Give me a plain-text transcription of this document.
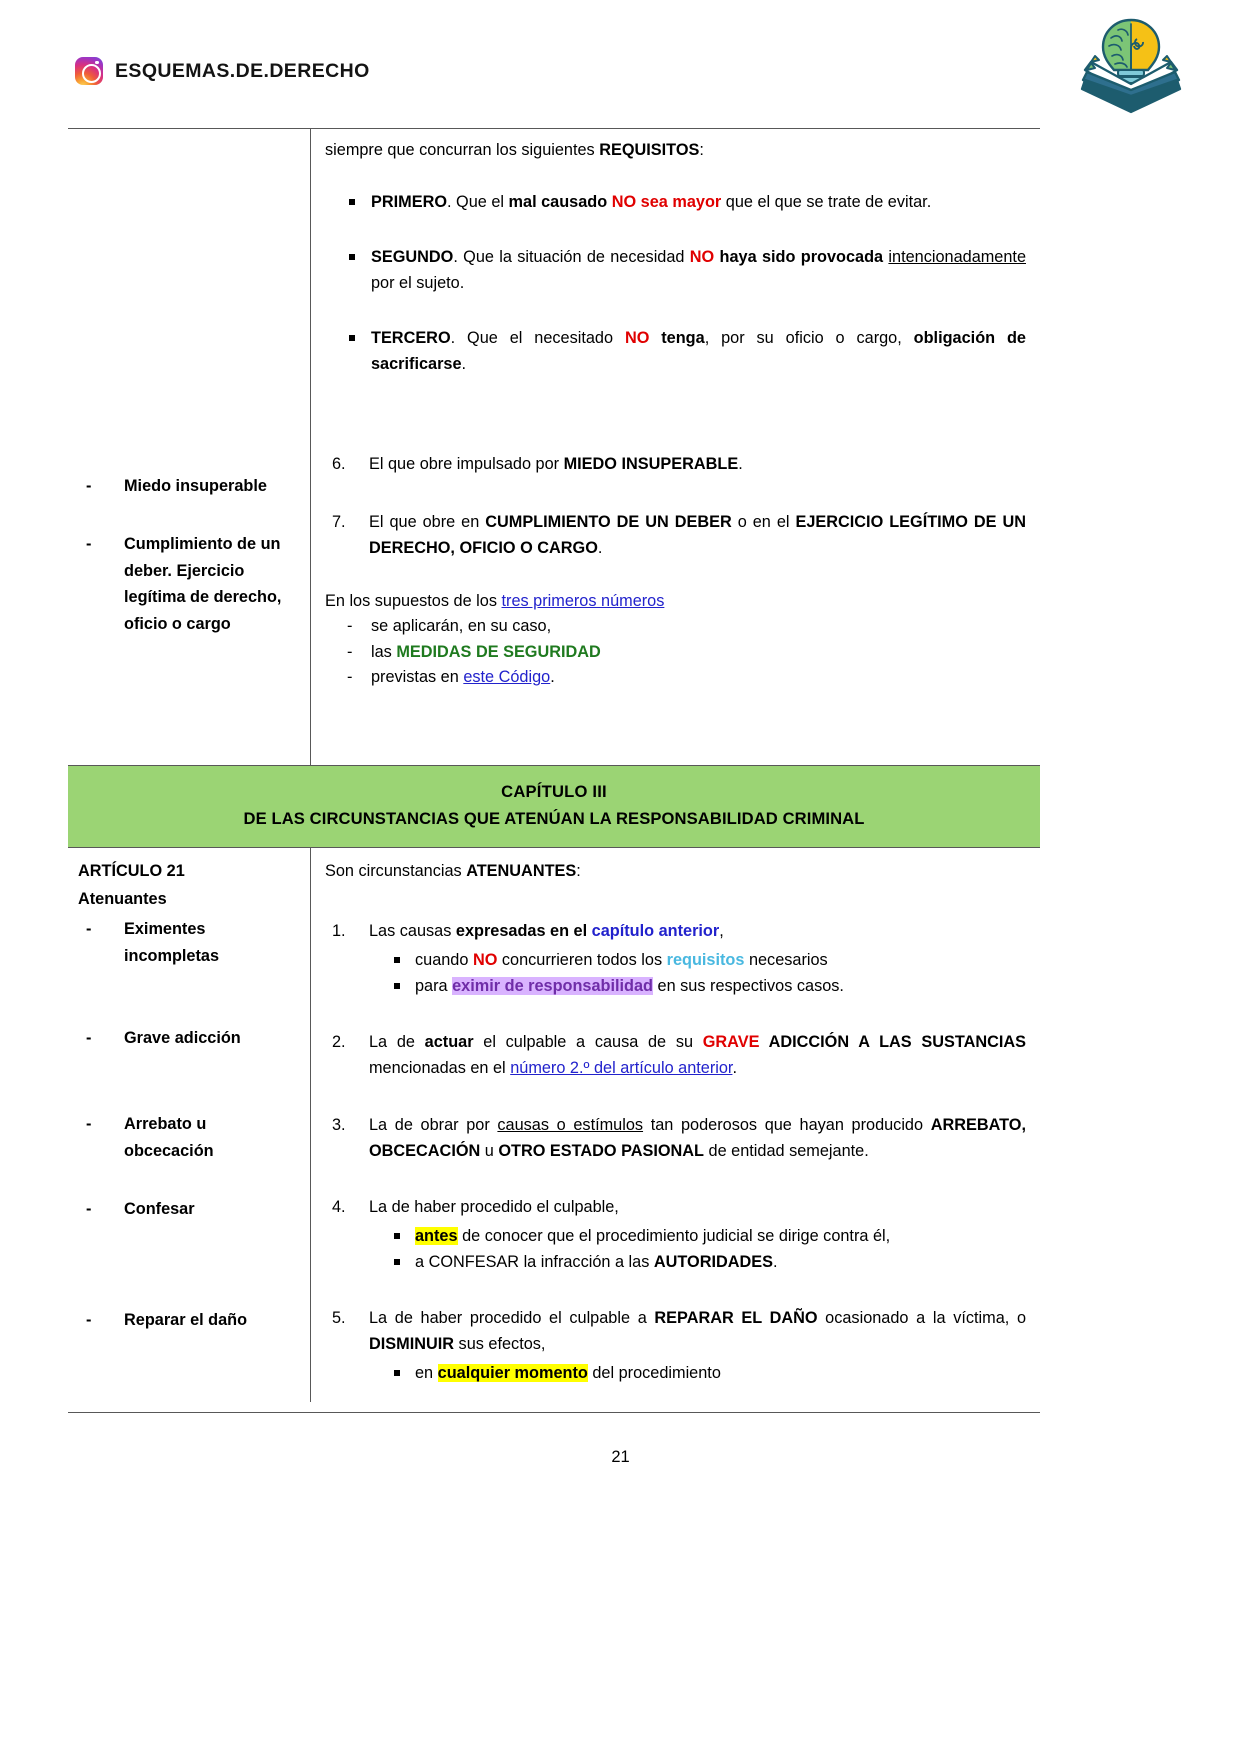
ESQUEMAS.DE.DERECHO
- Miedo insuperable
- Cumplimiento de un deber. Ejercicio legítima de derecho, oficio o cargo

siempre que concurran los siguientes REQUISITOS:

PRIMERO. Que el mal causado NO sea mayor que el que se trate de evitar.
SEGUNDO. Que la situación de necesidad NO haya sido provocada intencionadamente por el sujeto.
TERCERO. Que el necesitado NO tenga, por su oficio o cargo, obligación de sacrificarse.
6. El que obre impulsado por MIEDO INSUPERABLE.
7. El que obre en CUMPLIMIENTO DE UN DEBER o en el EJERCICIO LEGÍTIMO DE UN DERECHO, OFICIO O CARGO.

En los supuestos de los tres primeros números

- se aplicarán, en su caso,
- las MEDIDAS DE SEGURIDAD
- previstas en este Código.
CAPÍTULO III
DE LAS CIRCUNSTANCIAS QUE ATENÚAN LA RESPONSABILIDAD CRIMINAL
ARTÍCULO 21
Atenuantes
- Eximentes incompletas
- Grave adicción
- Arrebato u obcecación
- Confesar
- Reparar el daño

Son circunstancias ATENUANTES:

1. Las causas expresadas en el capítulo anterior,
cuando NO concurrieren todos los requisitos necesarios
para eximir de responsabilidad en sus respectivos casos.
2. La de actuar el culpable a causa de su GRAVE ADICCIÓN A LAS SUSTANCIAS mencionadas en el número 2.º del artículo anterior.
3. La de obrar por causas o estímulos tan poderosos que hayan producido ARREBATO, OBCECACIÓN u OTRO ESTADO PASIONAL de entidad semejante.
4. La de haber procedido el culpable,
antes de conocer que el procedimiento judicial se dirige contra él,
a CONFESAR la infracción a las AUTORIDADES.
5. La de haber procedido el culpable a REPARAR EL DAÑO ocasionado a la víctima, o DISMINUIR sus efectos,
en cualquier momento del procedimiento
21
